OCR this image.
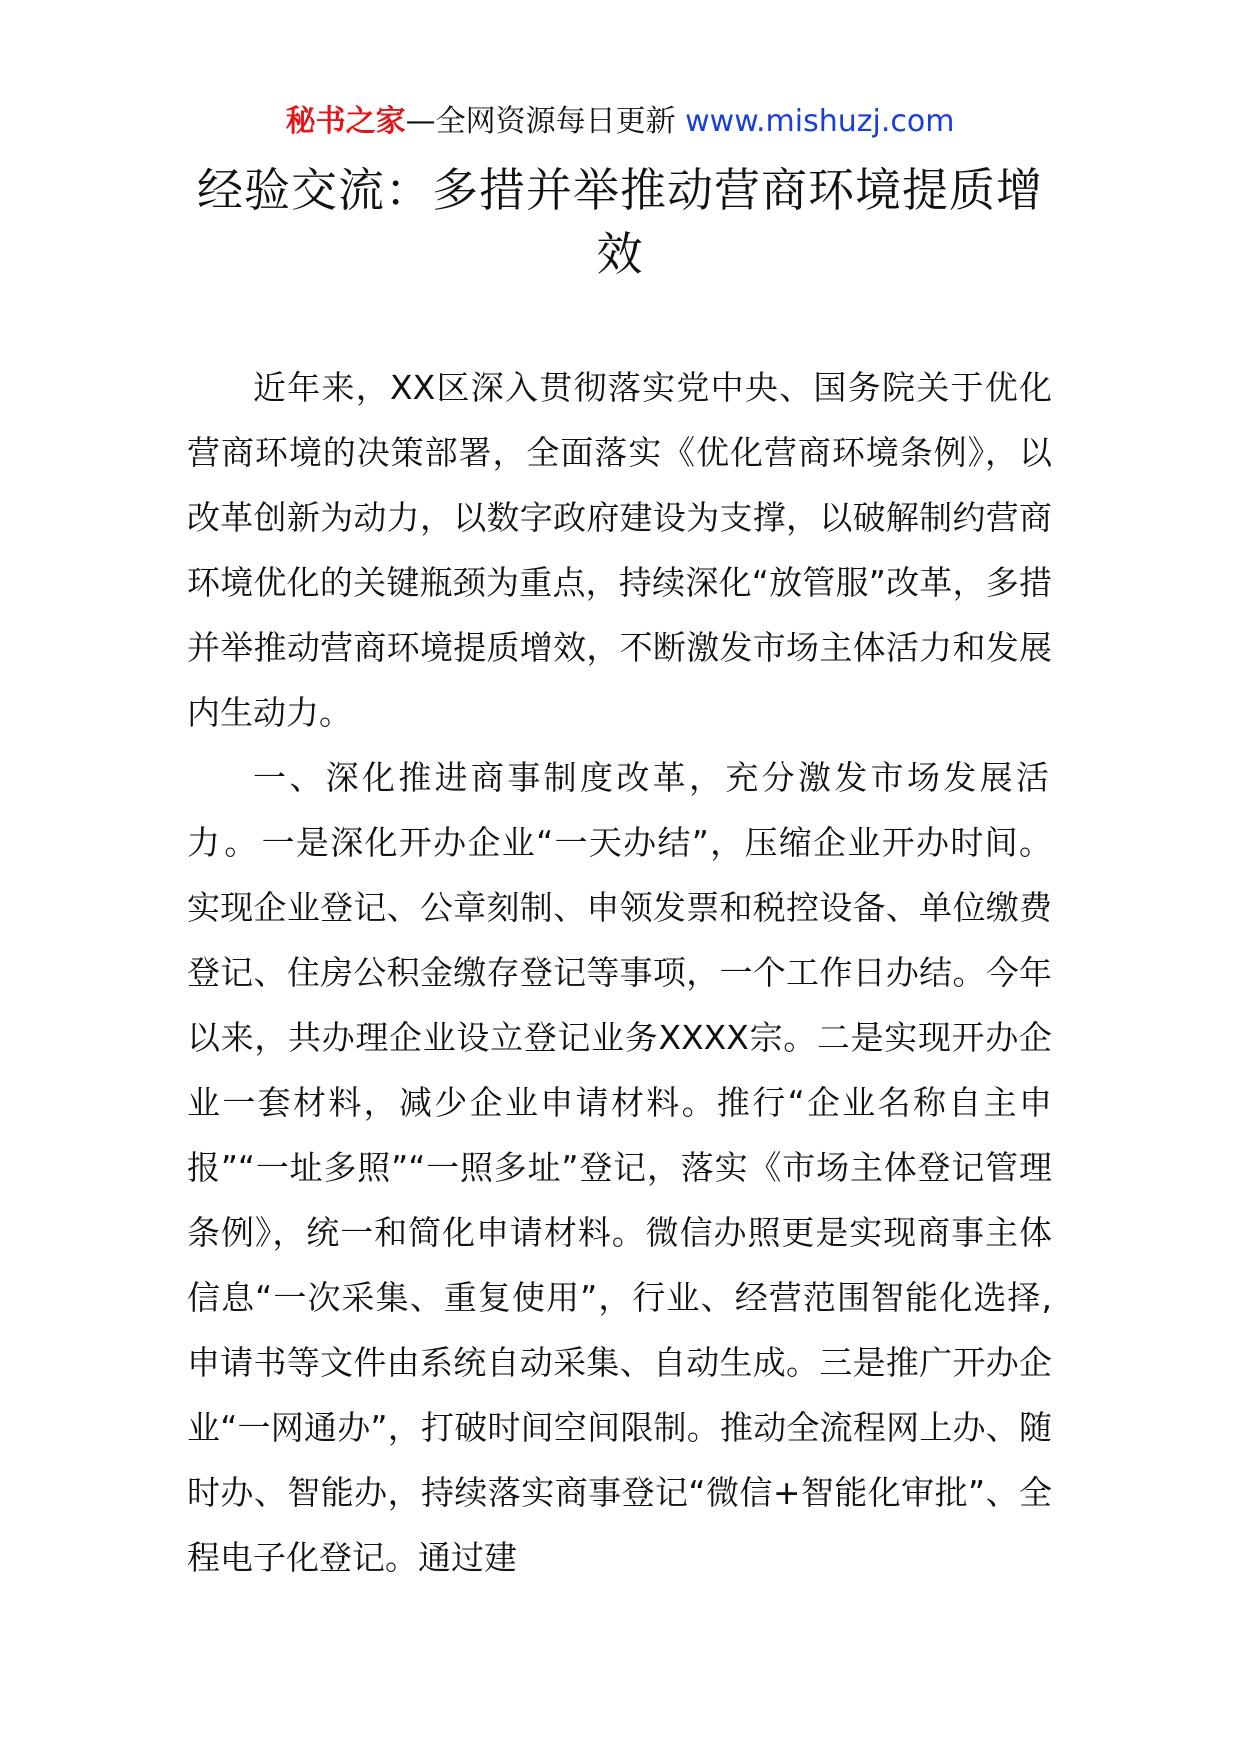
秘书之家—全网资源每日更新 www.mishuzj.com
经验交流：多措并举推动营商环境提质增效

近年来，XX区深入贯彻落实党中央、国务院关于优化营商环境的决策部署，全面落实《优化营商环境条例》，以改革创新为动力，以数字政府建设为支撑，以破解制约营商环境优化的关键瓶颈为重点，持续深化“放管服”改革，多措并举推动营商环境提质增效，不断激发市场主体活力和发展内生动力。

一、深化推进商事制度改革，充分激发市场发展活力。一是深化开办企业“一天办结”，压缩企业开办时间。实现企业登记、公章刻制、申领发票和税控设备、单位缴费登记、住房公积金缴存登记等事项，一个工作日办结。今年以来，共办理企业设立登记业务XXXX宗。二是实现开办企业一套材料，减少企业申请材料。推行“企业名称自主申报”“一址多照”“一照多址”登记，落实《市场主体登记管理条例》，统一和简化申请材料。微信办照更是实现商事主体信息“一次采集、重复使用”，行业、经营范围智能化选择,申请书等文件由系统自动采集、自动生成。三是推广开办企业“一网通办”，打破时间空间限制。推动全流程网上办、随时办、智能办，持续落实商事登记“微信+智能化审批”、全程电子化登记。通过建
